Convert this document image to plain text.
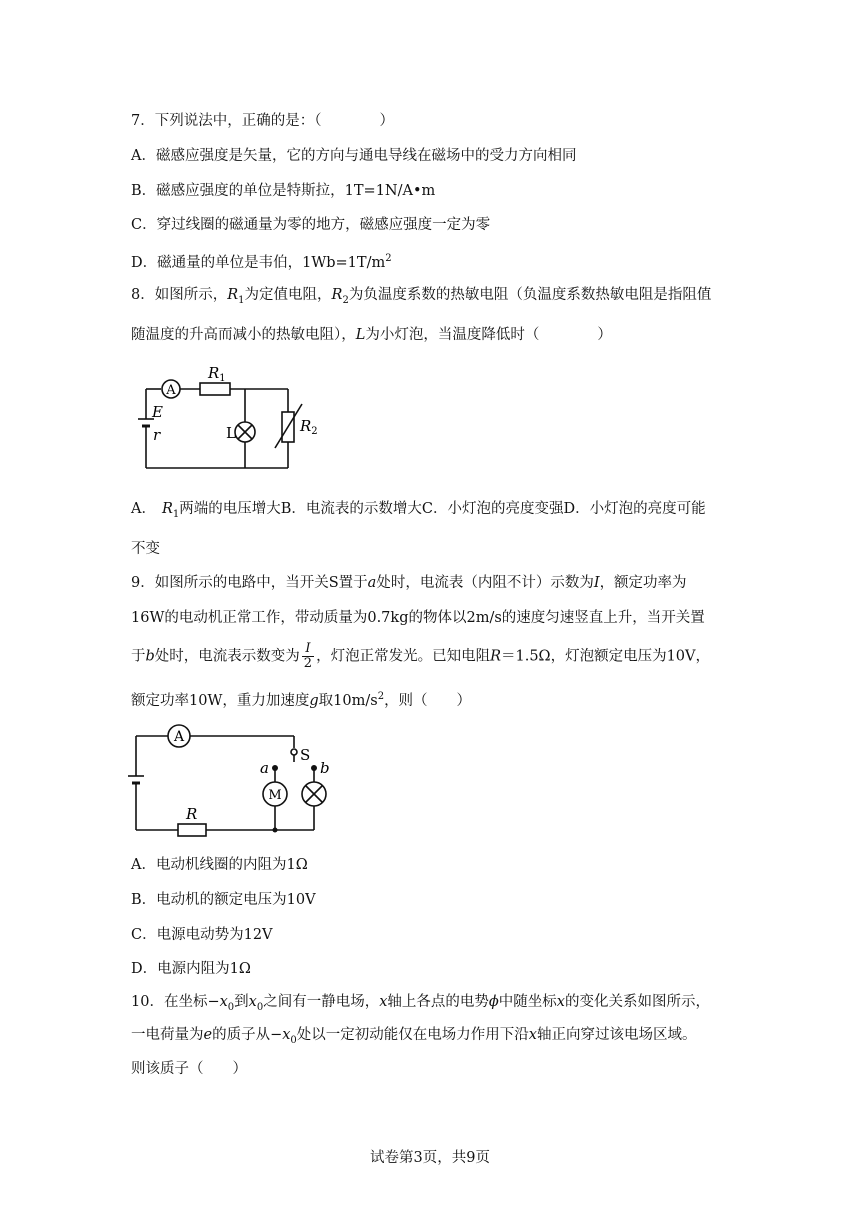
7．下列说法中，正确的是：（　　　　）
A．磁感应强度是矢量，它的方向与通电导线在磁场中的受力方向相同
B．磁感应强度的单位是特斯拉，1T=1N/A•m
C．穿过线圈的磁通量为零的地方，磁感应强度一定为零
D．磁通量的单位是韦伯，$1Wb=1T/m^2$
8．如图所示，$R_1$为定值电阻，$R_2$为负温度系数的热敏电阻（负温度系数热敏电阻是指阻值
随温度的升高而减小的热敏电阻），L为小灯泡，当温度降低时（　　　　）
A
$R_1$
E
r	L	$R_2$
A． $R_1$两端的电压增大B．电流表的示数增大C．小灯泡的亮度变强D．小灯泡的亮度可能
不变
9．如图所示的电路中，当开关S置于a处时，电流表（内阻不计）示数为I，额定功率为
16W的电动机正常工作，带动质量为0.7kg的物体以2m/s的速度匀速竖直上升，当开关置
于b处时，电流表示数变为 $\frac{I}{2}$ ，灯泡正常发光。已知电阻R＝1.5Ω，灯泡额定电压为10V，
额定功率10W，重力加速度g取$10m/s^2$，则（　　）
A
S
a	b
M
R
A．电动机线圈的内阻为1Ω
B．电动机的额定电压为10V
C．电源电动势为12V
D．电源内阻为1Ω
10．在坐标$-x_0$到$x_0$之间有一静电场，x轴上各点的电势ϕ中随坐标x的变化关系如图所示，
一电荷量为e的质子从$-x_0$处以一定初动能仅在电场力作用下沿x轴正向穿过该电场区域。
则该质子（　　）
试卷第3页，共9页
